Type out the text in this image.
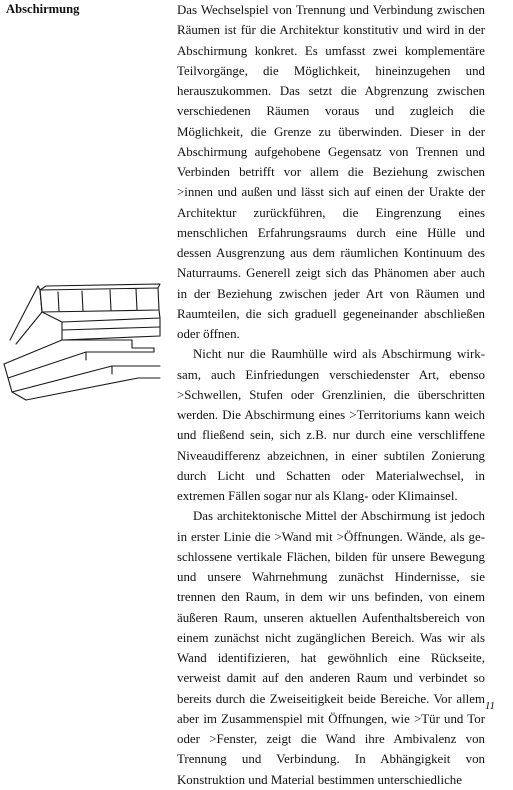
Abschirmung	Das Wechselspiel von Trennung und Verbindung zwischen Räumen ist für die Architektur konstitutiv und wird in der Abschirmung konkret. Es umfasst zwei komplementäre Teilvorgänge, die Möglichkeit, hineinzugehen und herauszukommen. Das setzt die Abgrenzung zwischen verschiedenen Räumen voraus und zugleich die Möglichkeit, die Grenze zu überwinden. Dieser in der Abschirmung aufgehobene Gegensatz von Trennen und Verbinden betrifft vor allem die Beziehung zwischen >innen und außen und lässt sich auf einen der Urakte der Architektur zurückführen, die Eingrenzung eines menschlichen Erfahrungsraums durch eine Hülle und dessen Ausgrenzung aus dem räumlichen Kontinuum des Naturraums. Generell zeigt sich das Phänomen aber auch in der Beziehung zwischen jeder Art von Räumen und Raumteilen, die sich graduell gegeneinander abschließen oder öffnen.

Nicht nur die Raumhülle wird als Abschirmung wirksam, auch Einfriedungen verschiedenster Art, ebenso >Schwellen, Stufen oder Grenzlinien, die überschritten werden. Die Abschirmung eines >Territoriums kann weich und fließend sein, sich z.B. nur durch eine verschliffene Niveaudifferenz abzeichnen, in einer subtilen Zonierung durch Licht und Schatten oder Materialwechsel, in extremen Fällen sogar nur als Klang- oder Klimainsel.

Das architektonische Mittel der Abschirmung ist jedoch in erster Linie die >Wand mit >Öffnungen. Wände, als geschlossene vertikale Flächen, bilden für unsere Bewegung und unsere Wahrnehmung zunächst Hindernisse, sie trennen den Raum, in dem wir uns befinden, von einem äußeren Raum, unseren aktuellen Aufenthaltsbereich von einem zunächst nicht zugänglichen Bereich. Was wir als Wand identifizieren, hat gewöhnlich eine Rückseite, verweist damit auf den anderen Raum und verbindet so bereits durch die Zweiseitigkeit beide Bereiche. Vor allem aber im Zusammenspiel mit Öffnungen, wie >Tür und Tor oder >Fenster, zeigt die Wand ihre Ambivalenz von Trennung und Verbindung. In Abhängigkeit von Konstruktion und Material bestimmen unterschiedliche

11
